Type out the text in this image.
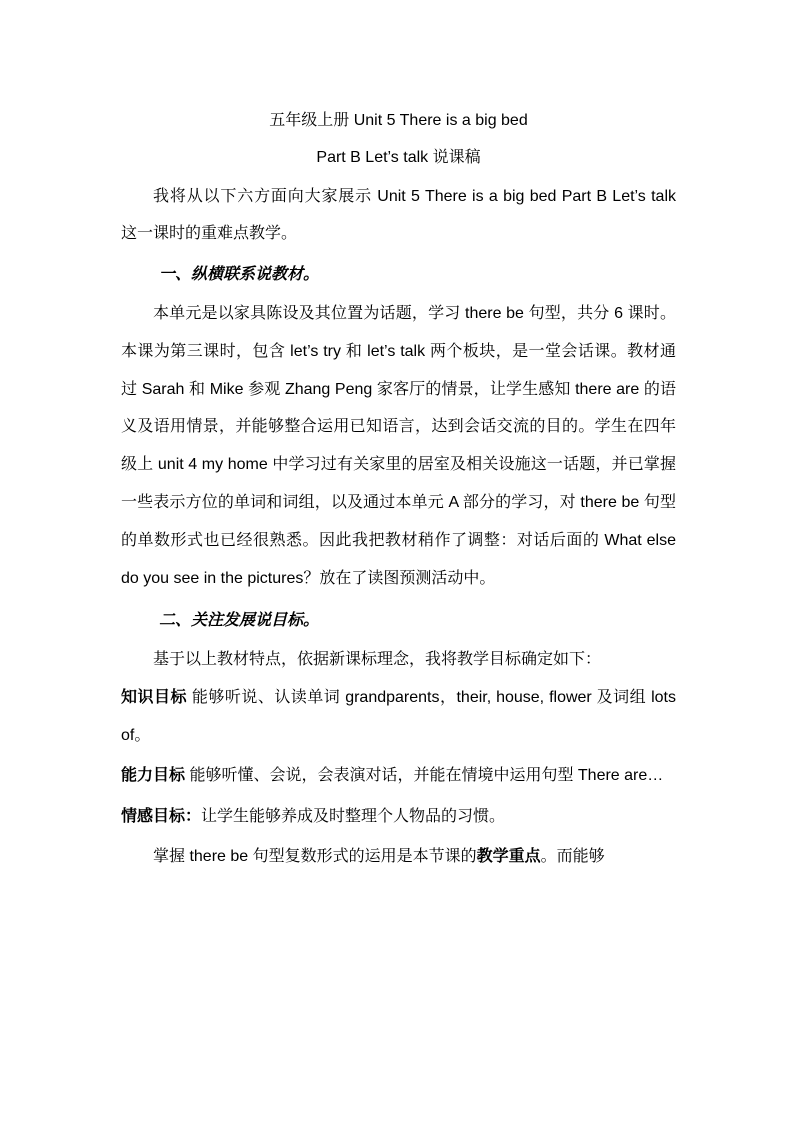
五年级上册 Unit 5 There is a big bed
Part B Let’s talk 说课稿

我将从以下六方面向大家展示 Unit 5 There is a big bed Part B Let’s talk 这一课时的重难点教学。

一、纵横联系说教材。

本单元是以家具陈设及其位置为话题，学习 there be 句型，共分 6 课时。本课为第三课时，包含 let’s try 和 let’s talk 两个板块，是一堂会话课。教材通过 Sarah 和 Mike 参观 Zhang Peng 家客厅的情景，让学生感知 there are 的语义及语用情景，并能够整合运用已知语言，达到会话交流的目的。学生在四年级上 unit 4 my home 中学习过有关家里的居室及相关设施这一话题，并已掌握一些表示方位的单词和词组，以及通过本单元 A 部分的学习，对 there be 句型的单数形式也已经很熟悉。因此我把教材稍作了调整：对话后面的 What else do you see in the pictures？放在了读图预测活动中。

二、关注发展说目标。

基于以上教材特点，依据新课标理念，我将教学目标确定如下：

知识目标 能够听说、认读单词 grandparents，their, house, flower 及词组 lots of。

能力目标 能够听懂、会说，会表演对话，并能在情境中运用句型 There are…

情感目标：让学生能够养成及时整理个人物品的习惯。

掌握 there be 句型复数形式的运用是本节课的教学重点。而能够
